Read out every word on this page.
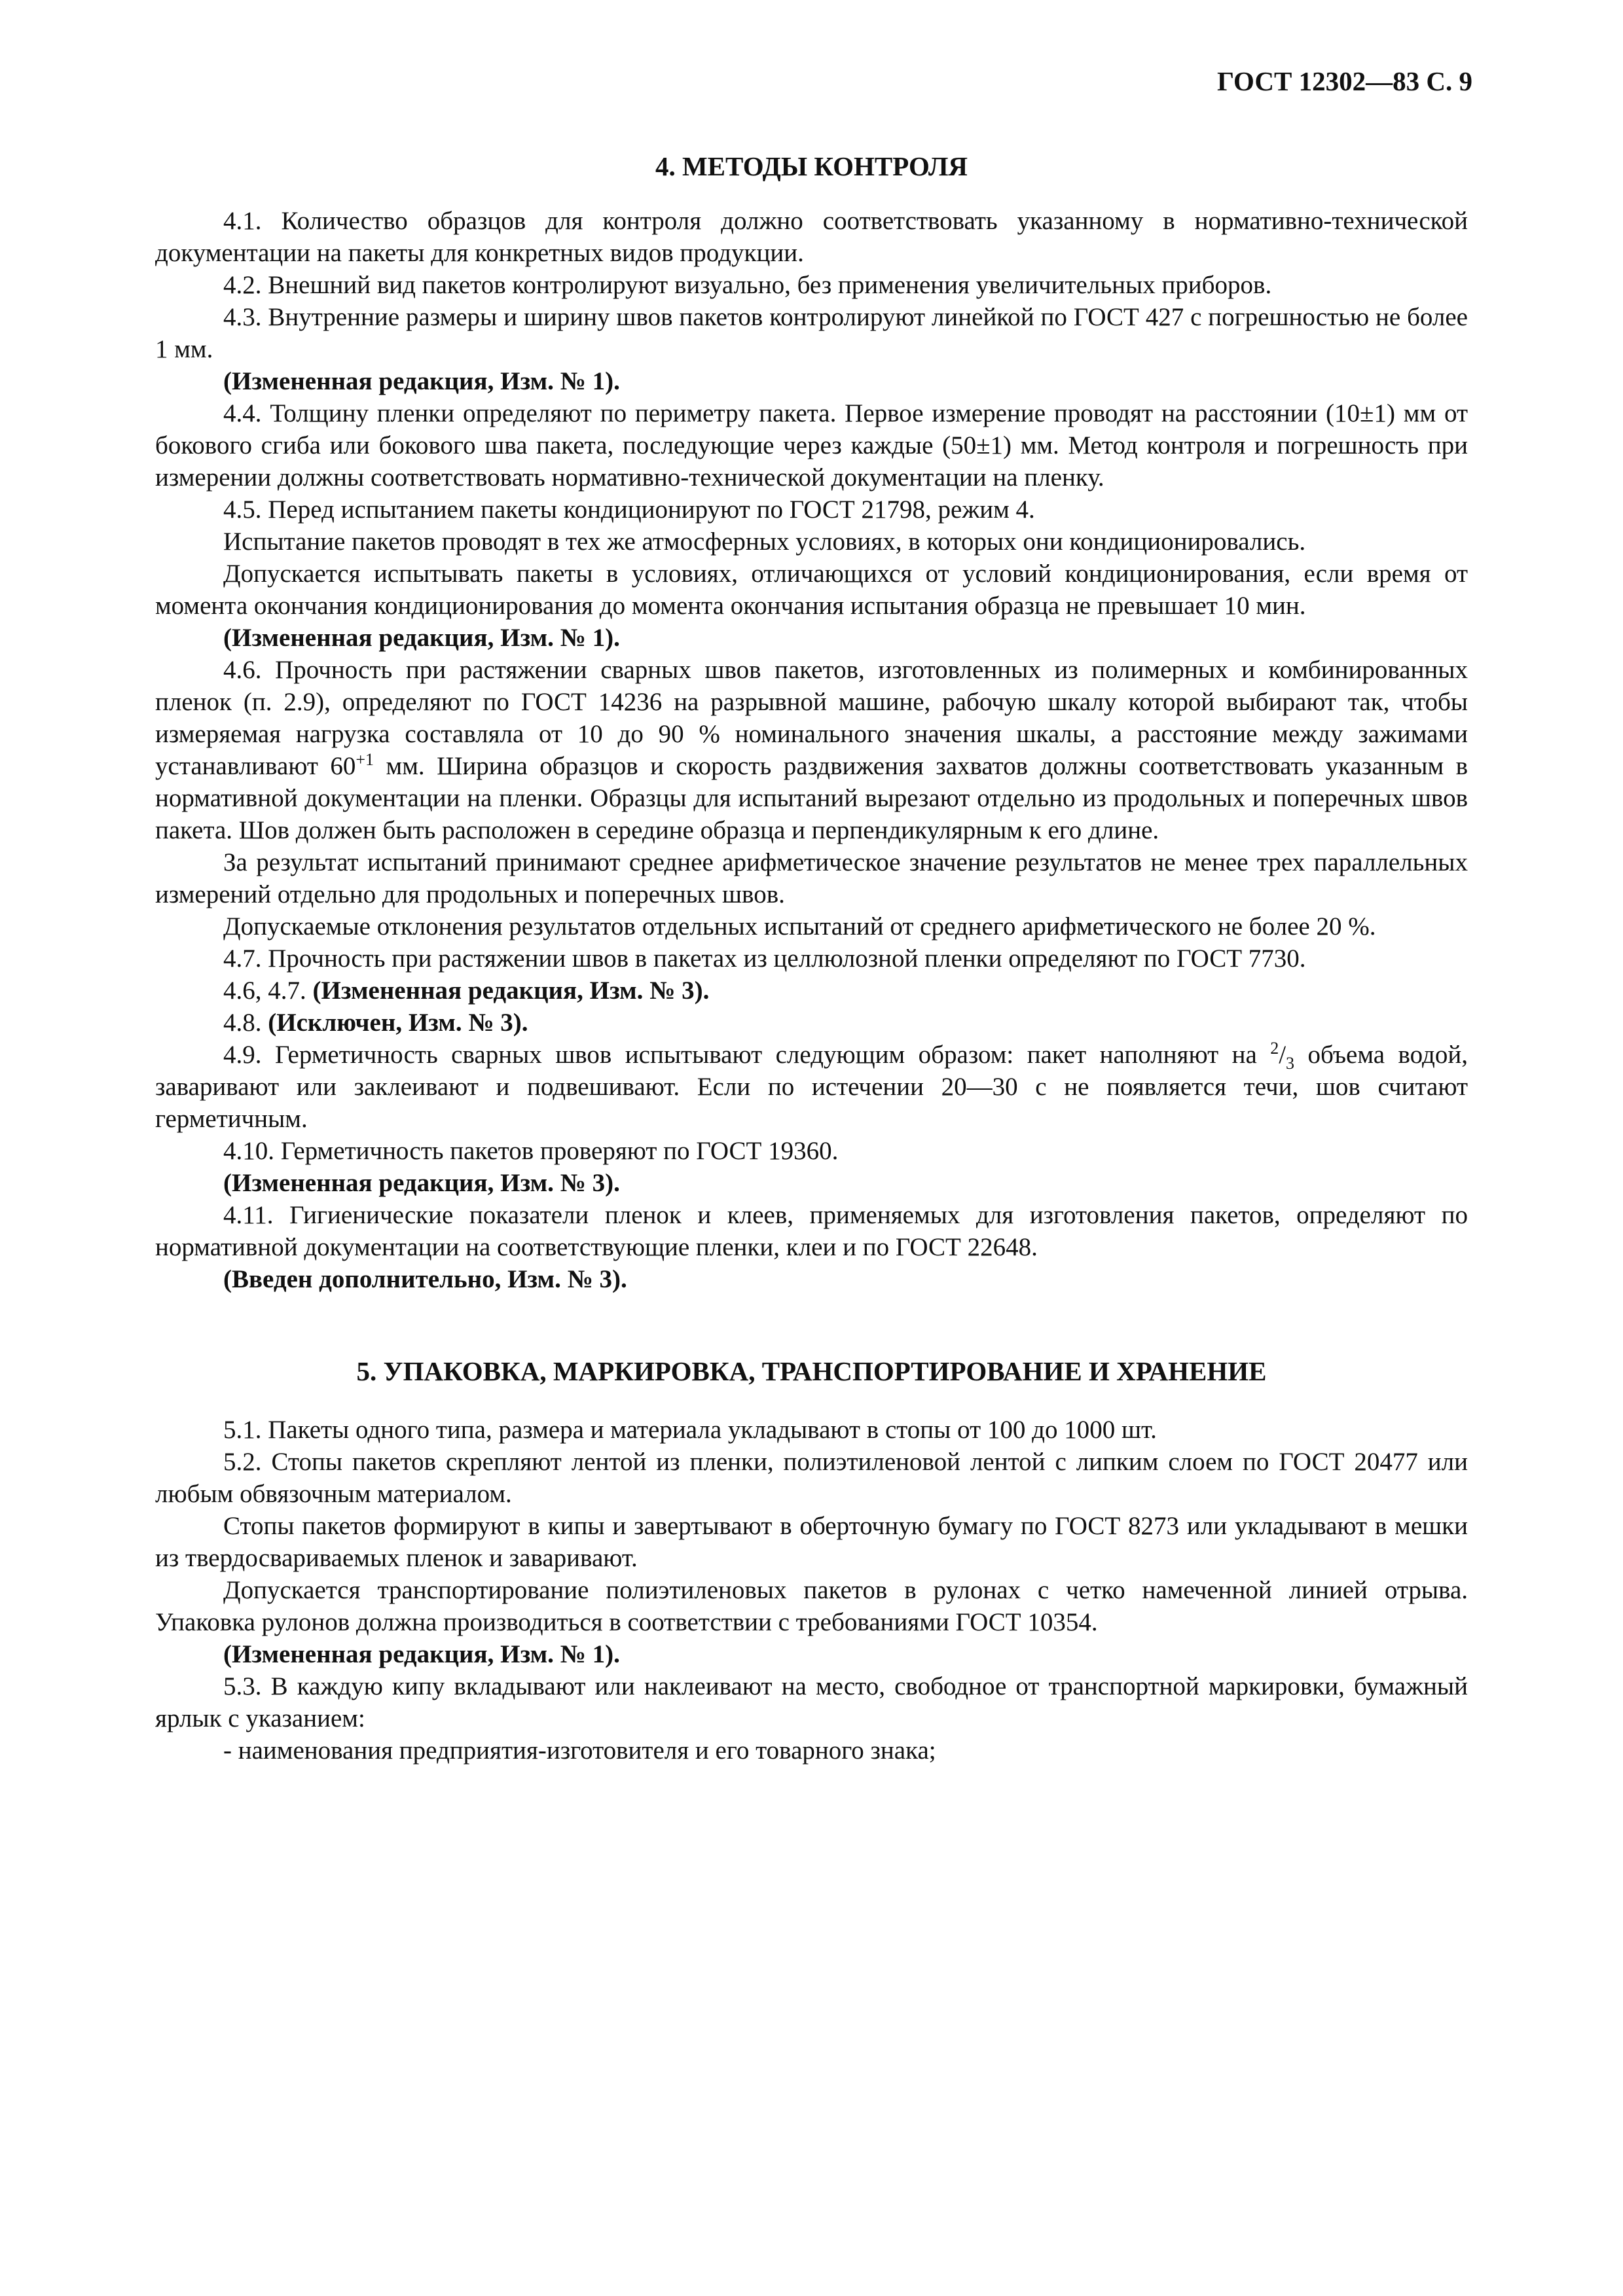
ГОСТ 12302—83 С. 9
4. МЕТОДЫ КОНТРОЛЯ

4.1. Количество образцов для контроля должно соответствовать указанному в нормативно-технической документации на пакеты для конкретных видов продукции.

4.2. Внешний вид пакетов контролируют визуально, без применения увеличительных приборов.

4.3. Внутренние размеры и ширину швов пакетов контролируют линейкой по ГОСТ 427 с погрешностью не более 1 мм.

(Измененная редакция, Изм. № 1).

4.4. Толщину пленки определяют по периметру пакета. Первое измерение проводят на расстоянии (10±1) мм от бокового сгиба или бокового шва пакета, последующие через каждые (50±1) мм. Метод контроля и погрешность при измерении должны соответствовать нормативно-технической документации на пленку.

4.5. Перед испытанием пакеты кондиционируют по ГОСТ 21798, режим 4.

Испытание пакетов проводят в тех же атмосферных условиях, в которых они кондиционировались.

Допускается испытывать пакеты в условиях, отличающихся от условий кондиционирования, если время от момента окончания кондиционирования до момента окончания испытания образца не превышает 10 мин.

(Измененная редакция, Изм. № 1).

4.6. Прочность при растяжении сварных швов пакетов, изготовленных из полимерных и комбинированных пленок (п. 2.9), определяют по ГОСТ 14236 на разрывной машине, рабочую шкалу которой выбирают так, чтобы измеряемая нагрузка составляла от 10 до 90 % номинального значения шкалы, а расстояние между зажимами устанавливают $60^{+1}$ мм. Ширина образцов и скорость раздвижения захватов должны соответствовать указанным в нормативной документации на пленки. Образцы для испытаний вырезают отдельно из продольных и поперечных швов пакета. Шов должен быть расположен в середине образца и перпендикулярным к его длине.

За результат испытаний принимают среднее арифметическое значение результатов не менее трех параллельных измерений отдельно для продольных и поперечных швов.

Допускаемые отклонения результатов отдельных испытаний от среднего арифметического не более 20 %.

4.7. Прочность при растяжении швов в пакетах из целлюлозной пленки определяют по ГОСТ 7730.

4.6, 4.7. (Измененная редакция, Изм. № 3).

4.8. (Исключен, Изм. № 3).

4.9. Герметичность сварных швов испытывают следующим образом: пакет наполняют на $^2/_3$ объема водой, заваривают или заклеивают и подвешивают. Если по истечении 20—30 с не появляется течи, шов считают герметичным.

4.10. Герметичность пакетов проверяют по ГОСТ 19360.

(Измененная редакция, Изм. № 3).

4.11. Гигиенические показатели пленок и клеев, применяемых для изготовления пакетов, определяют по нормативной документации на соответствующие пленки, клеи и по ГОСТ 22648.

(Введен дополнительно, Изм. № 3).

5. УПАКОВКА, МАРКИРОВКА, ТРАНСПОРТИРОВАНИЕ И ХРАНЕНИЕ

5.1. Пакеты одного типа, размера и материала укладывают в стопы от 100 до 1000 шт.

5.2. Стопы пакетов скрепляют лентой из пленки, полиэтиленовой лентой с липким слоем по ГОСТ 20477 или любым обвязочным материалом.

Стопы пакетов формируют в кипы и завертывают в оберточную бумагу по ГОСТ 8273 или укладывают в мешки из твердосвариваемых пленок и заваривают.

Допускается транспортирование полиэтиленовых пакетов в рулонах с четко намеченной линией отрыва. Упаковка рулонов должна производиться в соответствии с требованиями ГОСТ 10354.

(Измененная редакция, Изм. № 1).

5.3. В каждую кипу вкладывают или наклеивают на место, свободное от транспортной маркировки, бумажный ярлык с указанием:

- наименования предприятия-изготовителя и его товарного знака;
